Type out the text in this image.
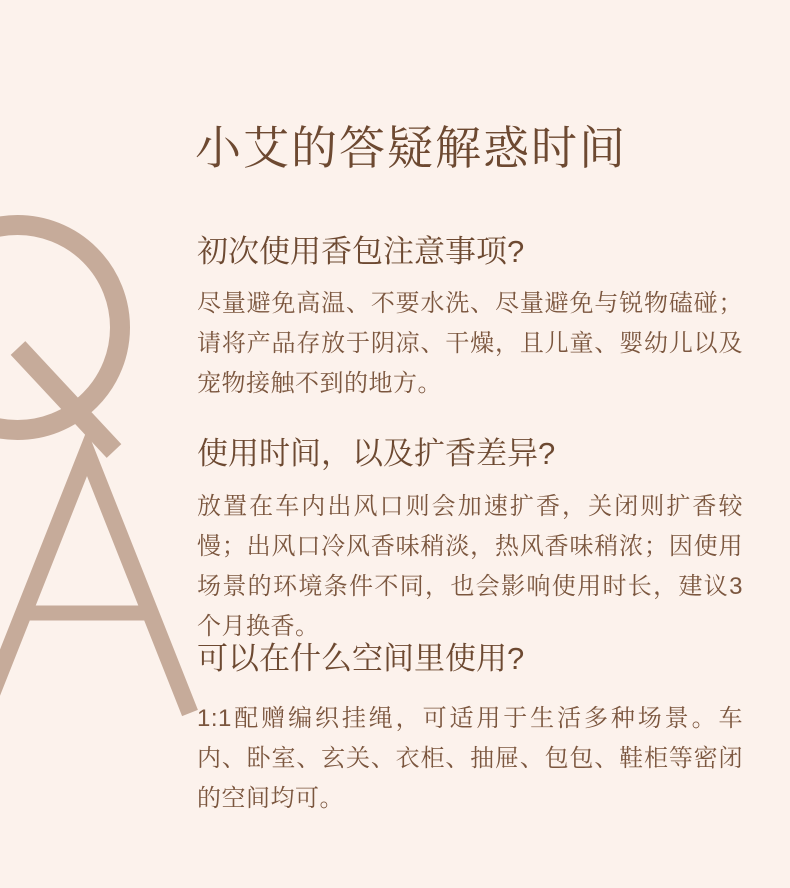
小艾的答疑解惑时间
初次使用香包注意事项?
尽量避免高温、不要水洗、尽量避免与锐物磕碰；请将产品存放于阴凉、干燥，且儿童、婴幼儿以及宠物接触不到的地方。
使用时间，以及扩香差异?
放置在车内出风口则会加速扩香，关闭则扩香较慢；出风口冷风香味稍淡，热风香味稍浓；因使用场景的环境条件不同，也会影响使用时长，建议3个月换香。
可以在什么空间里使用?
1:1配赠编织挂绳，可适用于生活多种场景。车内、卧室、玄关、衣柜、抽屉、包包、鞋柜等密闭的空间均可。
